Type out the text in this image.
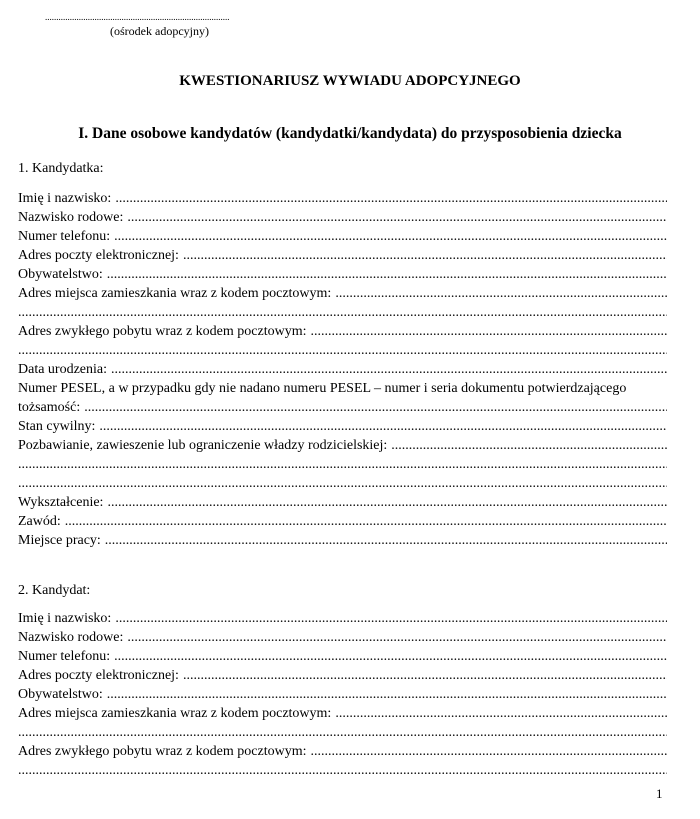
..................................................................................
(ośrodek adopcyjny)
KWESTIONARIUSZ WYWIADU ADOPCYJNEGO
I. Dane osobowe kandydatów (kandydatki/kandydata) do przysposobienia dziecka
1. Kandydatka:
Imię i nazwisko:
.....
Nazwisko rodowe:
.....
Numer telefonu:
.....
Adres poczty elektronicznej:
.....
Obywatelstwo:
.....
Adres miejsca zamieszkania wraz z kodem pocztowym:
.....
.....
Adres zwykłego pobytu wraz z kodem pocztowym:
.....
.....
Data urodzenia:
.....
Numer PESEL, a w przypadku gdy nie nadano numeru PESEL – numer i seria dokumentu potwierdzającego
tożsamość:
.....
Stan cywilny:
.....
Pozbawianie, zawieszenie lub ograniczenie władzy rodzicielskiej:
.....
.....
.....
Wykształcenie:
.....
Zawód:
.....
Miejsce pracy:
.....
2. Kandydat:
Imię i nazwisko:
.....
Nazwisko rodowe:
.....
Numer telefonu:
.....
Adres poczty elektronicznej:
.....
Obywatelstwo:
.....
Adres miejsca zamieszkania wraz z kodem pocztowym:
.....
.....
Adres zwykłego pobytu wraz z kodem pocztowym:
.....
.....
1
